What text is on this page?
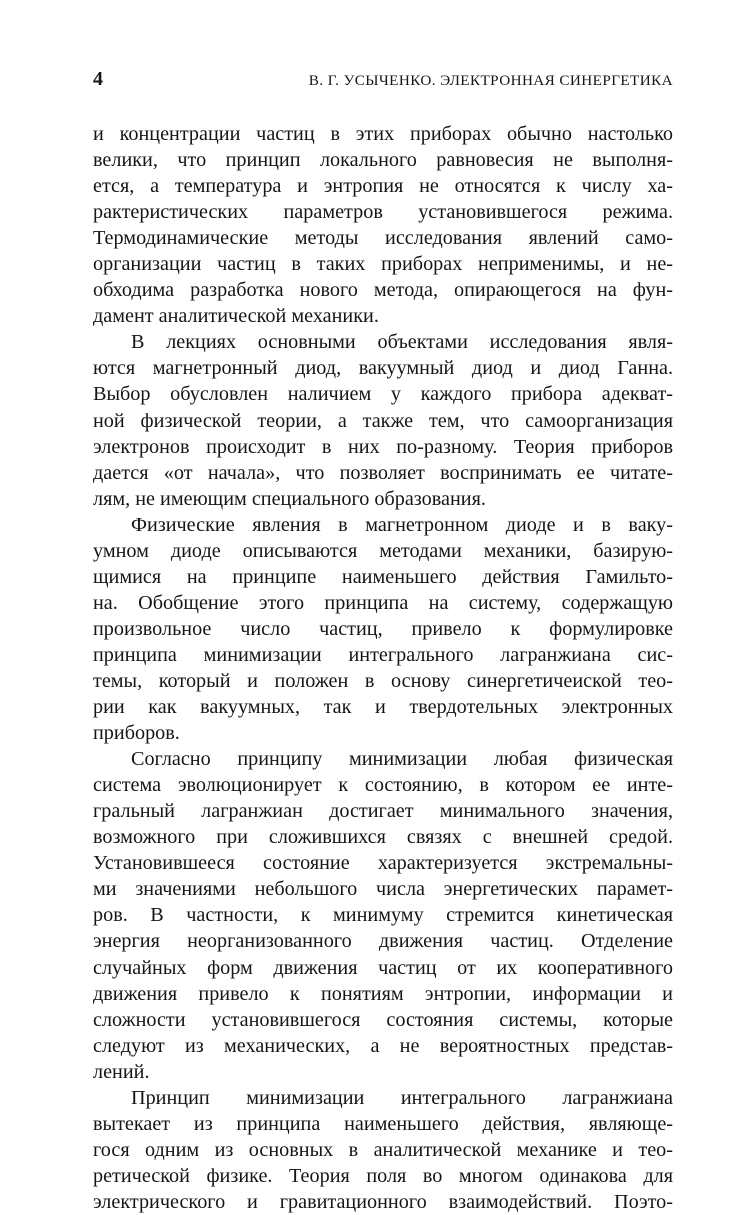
4	В. Г. УСЫЧЕНКО. ЭЛЕКТРОННАЯ СИНЕРГЕТИКА
и концентрации частиц в этих приборах обычно настолько
велики, что принцип локального равновесия не выполня-
ется, а температура и энтропия не относятся к числу ха-
рактеристических параметров установившегося режима.
Термодинамические методы исследования явлений само-
организации частиц в таких приборах неприменимы, и не-
обходима разработка нового метода, опирающегося на фун-
дамент аналитической механики.
В лекциях основными объектами исследования явля-
ются магнетронный диод, вакуумный диод и диод Ганна.
Выбор обусловлен наличием у каждого прибора адекват-
ной физической теории, а также тем, что самоорганизация
электронов происходит в них по-разному. Теория приборов
дается «от начала», что позволяет воспринимать ее читате-
лям, не имеющим специального образования.
Физические явления в магнетронном диоде и в ваку-
умном диоде описываются методами механики, базирую-
щимися на принципе наименьшего действия Гамильто-
на. Обобщение этого принципа на систему, содержащую
произвольное число частиц, привело к формулировке
принципа минимизации интегрального лагранжиана сис-
темы, который и положен в основу синергетичеиской тео-
рии как вакуумных, так и твердотельных электронных
приборов.
Согласно принципу минимизации любая физическая
система эволюционирует к состоянию, в котором ее инте-
гральный лагранжиан достигает минимального значения,
возможного при сложившихся связях с внешней средой.
Установившееся состояние характеризуется экстремальны-
ми значениями небольшого числа энергетических парамет-
ров. В частности, к минимуму стремится кинетическая
энергия неорганизованного движения частиц. Отделение
случайных форм движения частиц от их кооперативного
движения привело к понятиям энтропии, информации и
сложности установившегося состояния системы, которые
следуют из механических, а не вероятностных представ-
лений.
Принцип минимизации интегрального лагранжиана
вытекает из принципа наименьшего действия, являюще-
гося одним из основных в аналитической механике и тео-
ретической физике. Теория поля во многом одинакова для
электрического и гравитационного взаимодействий. Поэто-
